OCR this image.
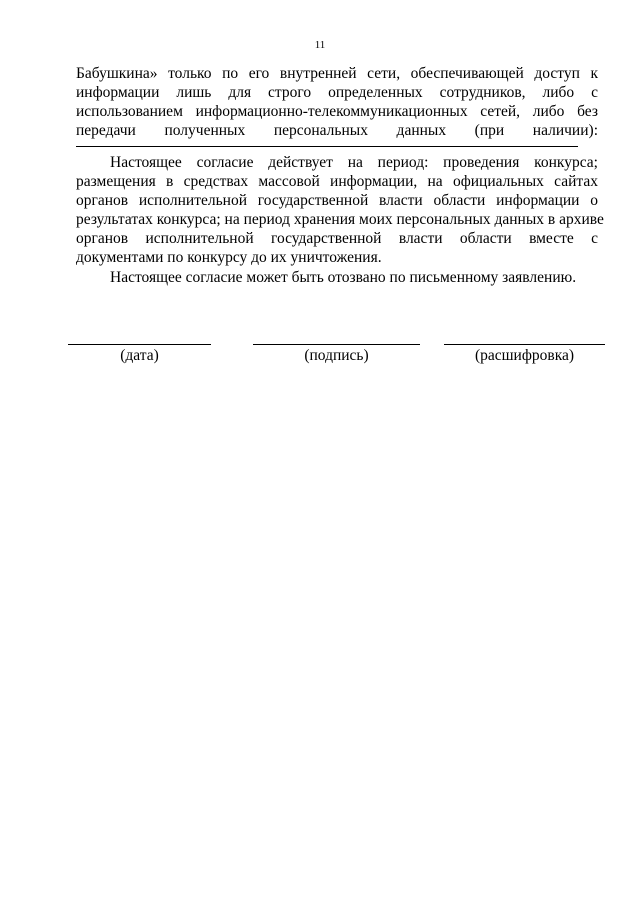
11
Бабушкина» только по его внутренней сети, обеспечивающей доступ к
информации лишь для строго определенных сотрудников, либо с
использованием информационно-телекоммуникационных сетей, либо без
передачи полученных персональных данных (при наличии):
Настоящее согласие действует на период: проведения конкурса;
размещения в средствах массовой информации, на официальных сайтах
органов исполнительной государственной власти области информации о
результатах конкурса; на период хранения моих персональных данных в архиве
органов исполнительной государственной власти области вместе с
документами по конкурсу до их уничтожения.
Настоящее согласие может быть отозвано по письменному заявлению.
(дата)	(подпись)	(расшифровка)
